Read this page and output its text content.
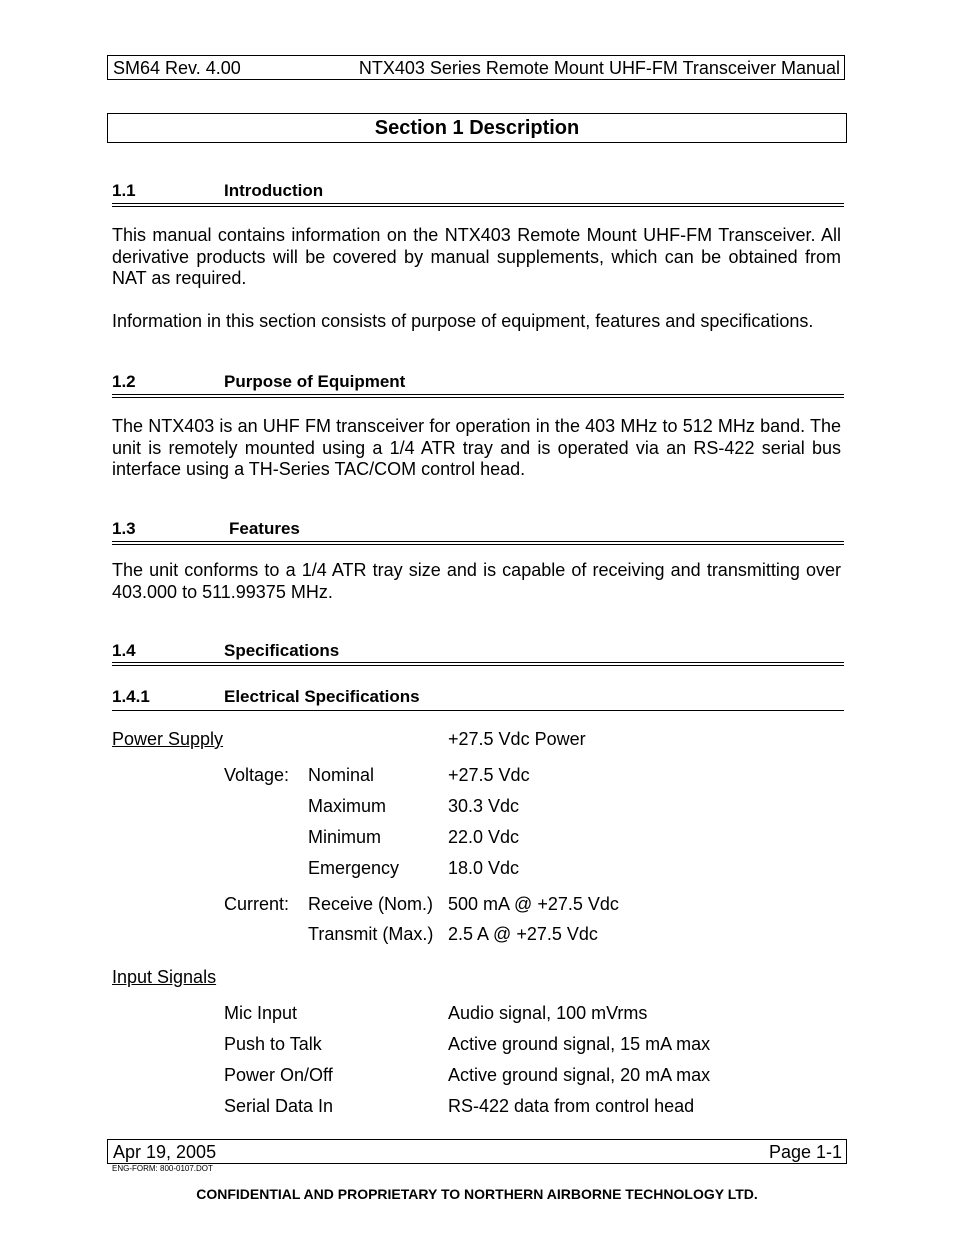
SM64 Rev. 4.00	NTX403 Series Remote Mount UHF-FM Transceiver Manual
Section 1 Description
1.1	Introduction

This manual contains information on the NTX403 Remote Mount UHF-FM Transceiver. All derivative products will be covered by manual supplements, which can be obtained from NAT as required.

Information in this section consists of purpose of equipment, features and specifications.

1.2	Purpose of Equipment

The NTX403 is an UHF FM transceiver for operation in the 403 MHz to 512 MHz band. The unit is remotely mounted using a 1/4 ATR tray and is operated via an RS-422 serial bus interface using a TH-Series TAC/COM control head.

1.3	Features

The unit conforms to a 1/4 ATR tray size and is capable of receiving and transmitting over 403.000 to 511.99375 MHz.

1.4	Specifications
1.4.1	Electrical Specifications
Power Supply	+27.5 Vdc Power
Voltage: Nominal	+27.5 Vdc
Maximum	30.3 Vdc
Minimum	22.0 Vdc
Emergency	18.0 Vdc
Current: Receive (Nom.) 500 mA @ +27.5 Vdc
Transmit (Max.) 2.5 A @ +27.5 Vdc
Input Signals
Mic Input	Audio signal, 100 mVrms
Push to Talk	Active ground signal, 15 mA max
Power On/Off	Active ground signal, 20 mA max
Serial Data In	RS-422 data from control head
Apr 19, 2005	Page 1-1
ENG-FORM: 800-0107.DOT
CONFIDENTIAL AND PROPRIETARY TO NORTHERN AIRBORNE TECHNOLOGY LTD.
